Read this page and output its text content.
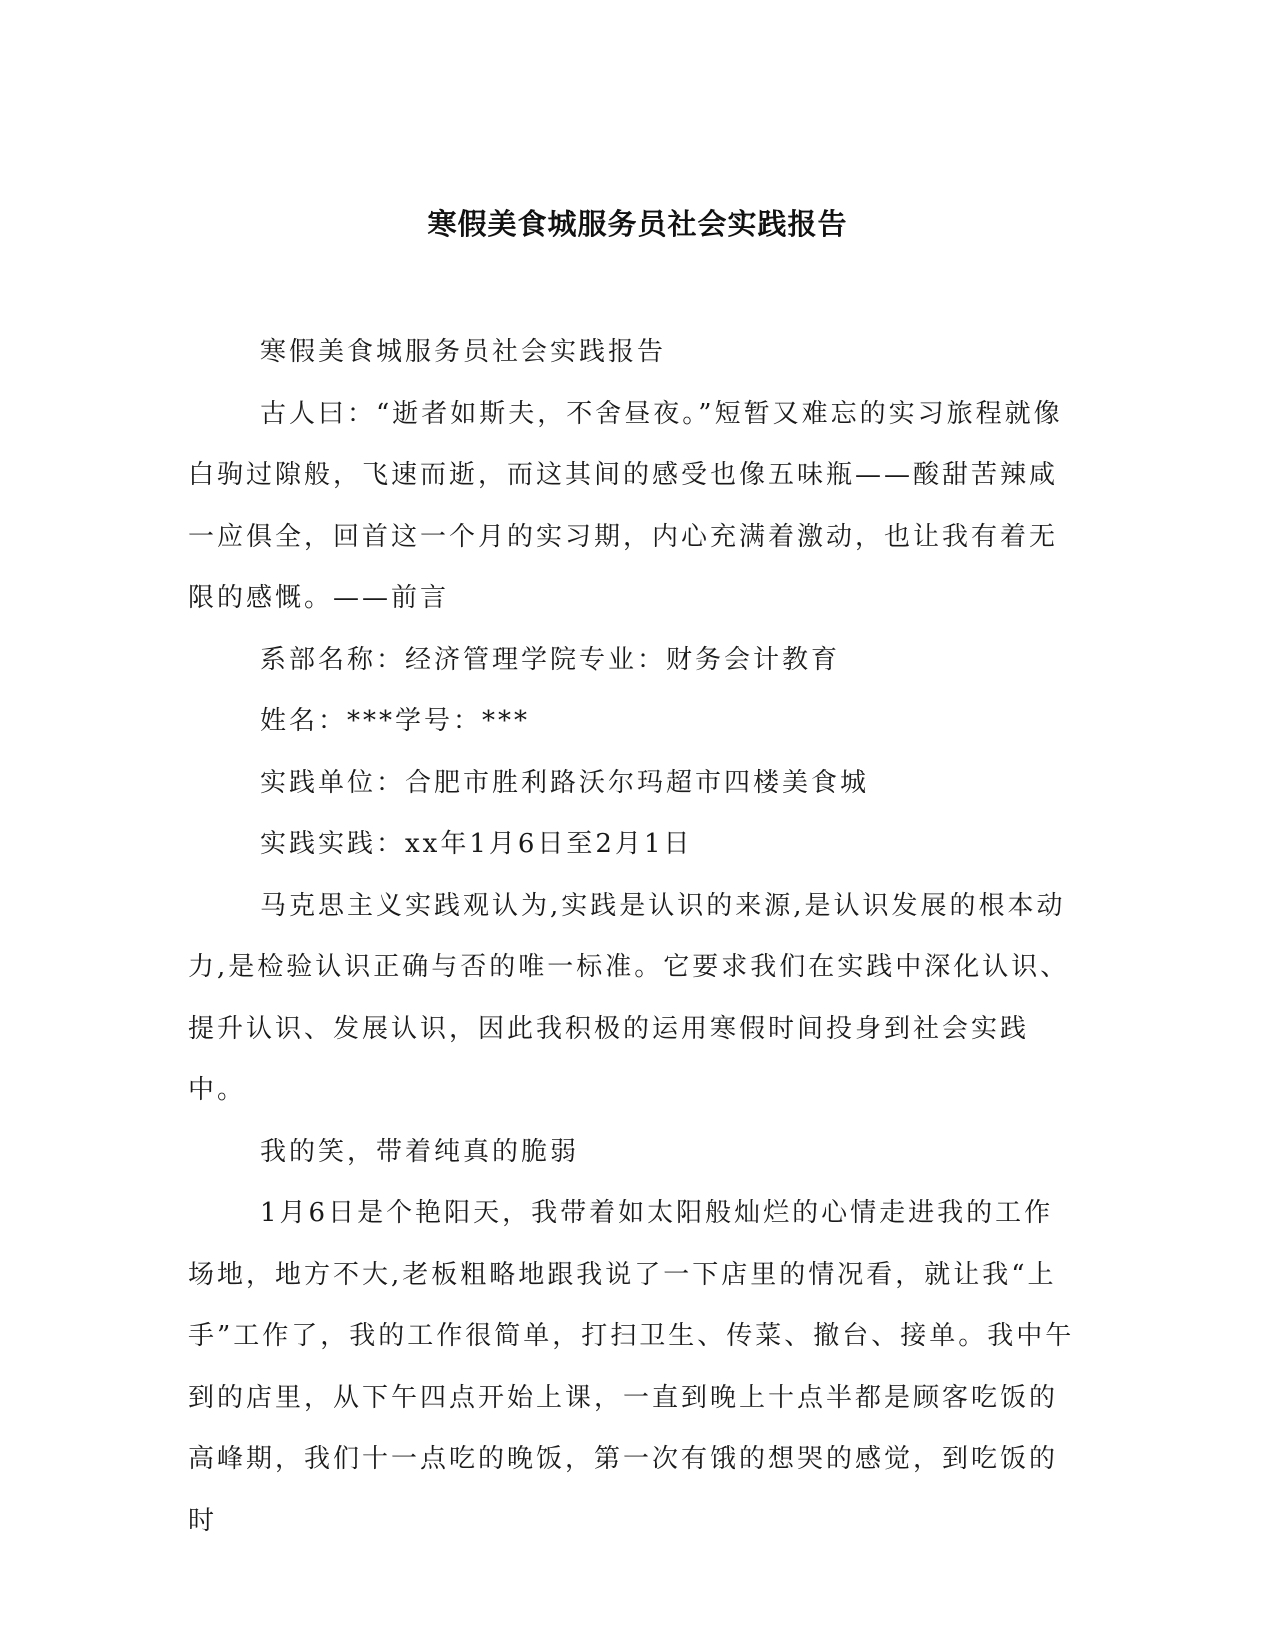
寒假美食城服务员社会实践报告

寒假美食城服务员社会实践报告

古人曰：“逝者如斯夫，不舍昼夜。”短暂又难忘的实习旅程就像白驹过隙般，飞速而逝，而这其间的感受也像五味瓶——酸甜苦辣咸一应俱全，回首这一个月的实习期，内心充满着激动，也让我有着无限的感慨。——前言

系部名称：经济管理学院专业：财务会计教育

姓名：***学号：***

实践单位：合肥市胜利路沃尔玛超市四楼美食城

实践实践：xx年1月6日至2月1日

马克思主义实践观认为,实践是认识的来源,是认识发展的根本动力,是检验认识正确与否的唯一标准。它要求我们在实践中深化认识、提升认识、发展认识，因此我积极的运用寒假时间投身到社会实践中。

我的笑，带着纯真的脆弱

1月6日是个艳阳天，我带着如太阳般灿烂的心情走进我的工作场地，地方不大,老板粗略地跟我说了一下店里的情况看，就让我“上手”工作了，我的工作很简单，打扫卫生、传菜、撤台、接单。我中午到的店里，从下午四点开始上课，一直到晚上十点半都是顾客吃饭的高峰期，我们十一点吃的晚饭，第一次有饿的想哭的感觉，到吃饭的时
